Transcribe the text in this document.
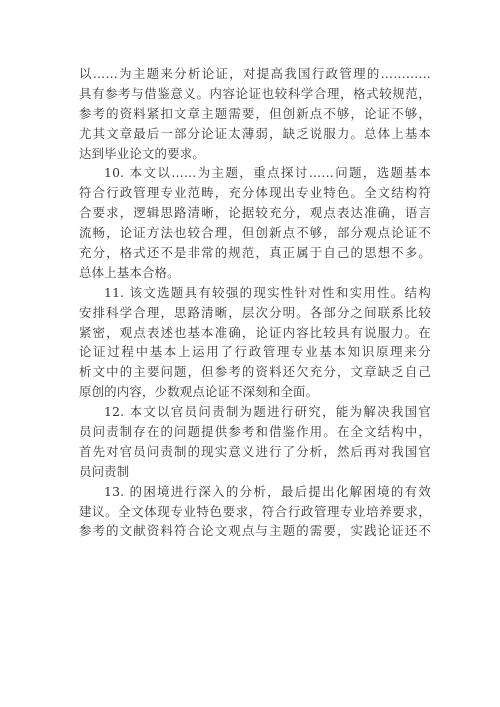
以……为主题来分析论证，对提高我国行政管理的…………
具有参考与借鉴意义。内容论证也较科学合理，格式较规范，
参考的资料紧扣文章主题需要，但创新点不够，论证不够，
尤其文章最后一部分论证太薄弱，缺乏说服力。总体上基本
达到毕业论文的要求。
10. 本文以……为主题，重点探讨……问题，选题基本
符合行政管理专业范畴，充分体现出专业特色。全文结构符
合要求，逻辑思路清晰，论据较充分，观点表达准确，语言
流畅，论证方法也较合理，但创新点不够，部分观点论证不
充分，格式还不是非常的规范，真正属于自己的思想不多。
总体上基本合格。
11. 该文选题具有较强的现实性针对性和实用性。结构
安排科学合理，思路清晰，层次分明。各部分之间联系比较
紧密，观点表述也基本准确，论证内容比较具有说服力。在
论证过程中基本上运用了行政管理专业基本知识原理来分
析文中的主要问题，但参考的资料还欠充分，文章缺乏自己
原创的内容，少数观点论证不深刻和全面。
12. 本文以官员问责制为题进行研究，能为解决我国官
员问责制存在的问题提供参考和借鉴作用。在全文结构中，
首先对官员问责制的现实意义进行了分析，然后再对我国官
员问责制
13. 的困境进行深入的分析，最后提出化解困境的有效
建议。全文体现专业特色要求，符合行政管理专业培养要求，
参考的文献资料符合论文观点与主题的需要，实践论证还不
